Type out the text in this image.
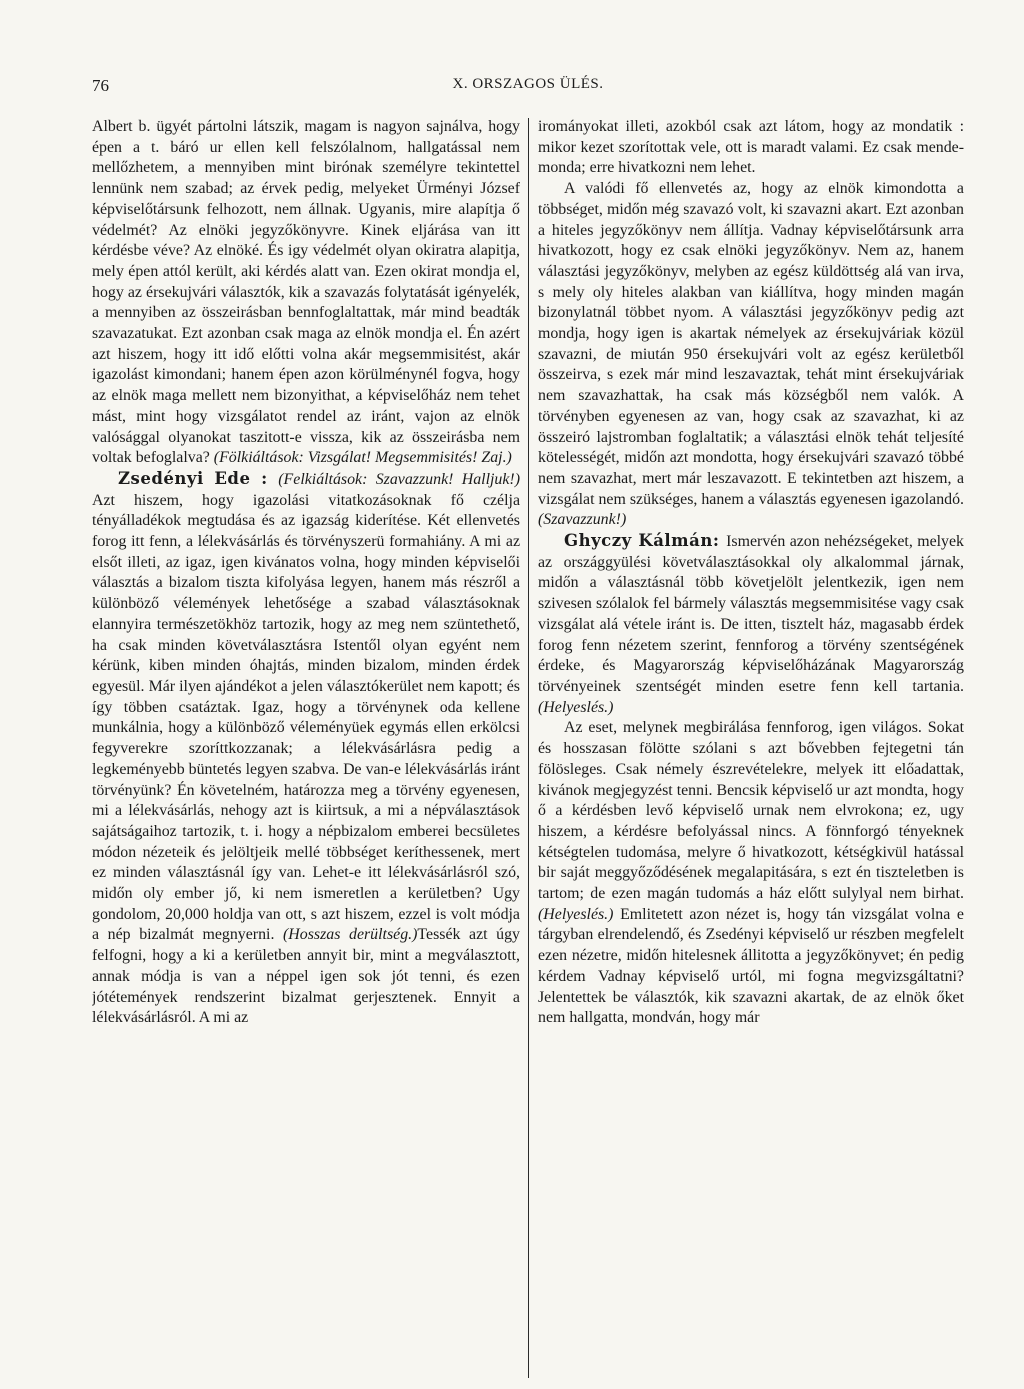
76	X. ORSZAGOS ÜLÉS.

Albert b. ügyét pártolni látszik, magam is nagyon sajnálva, hogy épen a t. báró ur ellen kell felszólalnom, hallgatással nem mellőzhetem, a mennyiben mint birónak személyre tekintettel lennünk nem szabad; az érvek pedig, melyeket Ürményi József képviselőtársunk felhozott, nem állnak. Ugyanis, mire alapítja ő védelmét? Az elnöki jegyzőkönyvre. Kinek eljárása van itt kérdésbe véve? Az elnöké. És igy védelmét olyan okiratra alapitja, mely épen attól került, aki kérdés alatt van. Ezen okirat mondja el, hogy az érsekujvári választók, kik a szavazás folytatását igényelék, a mennyiben az összeirásban bennfoglaltattak, már mind beadták szavazatukat. Ezt azonban csak maga az elnök mondja el. Én azért azt hiszem, hogy itt idő előtti volna akár megsemmisitést, akár igazolást kimondani; hanem épen azon körülménynél fogva, hogy az elnök maga mellett nem bizonyithat, a képviselőház nem tehet mást, mint hogy vizsgálatot rendel az iránt, vajon az elnök valósággal olyanokat taszitott-e vissza, kik az összeirásba nem voltak befoglalva? (Fölkiáltások: Vizsgálat! Megsemmisités! Zaj.)

Zsedényi Ede : (Felkiáltások: Szavazzunk! Halljuk!) Azt hiszem, hogy igazolási vitatkozásoknak fő czélja tényálladékok megtudása és az igazság kiderítése. Két ellenvetés forog itt fenn, a lélekvásárlás és törvényszerü formahiány. A mi az elsőt illeti, az igaz, igen kivánatos volna, hogy minden képviselői választás a bizalom tiszta kifolyása legyen, hanem más részről a különböző vélemények lehetősége a szabad választásoknak elannyira természetökhöz tartozik, hogy az meg nem szüntethető, ha csak minden követválasztásra Istentől olyan egyént nem kérünk, kiben minden óhajtás, minden bizalom, minden érdek egyesül. Már ilyen ajándékot a jelen választókerület nem kapott; és így többen csatáztak. Igaz, hogy a törvénynek oda kellene munkálnia, hogy a különböző véleményüek egymás ellen erkölcsi fegyverekre szoríttkozzanak; a lélekvásárlásra pedig a legkeményebb büntetés legyen szabva. De van-e lélekvásárlás iránt törvényünk? Én követelném, határozza meg a törvény egyenesen, mi a lélekvásárlás, nehogy azt is kiirtsuk, a mi a népválasztások sajátságaihoz tartozik, t. i. hogy a népbizalom emberei becsületes módon nézeteik és jelöltjeik mellé többséget keríthessenek, mert ez minden választásnál így van. Lehet-e itt lélekvásárlásról szó, midőn oly ember jő, ki nem ismeretlen a kerületben? Ugy gondolom, 20,000 holdja van ott, s azt hiszem, ezzel is volt módja a nép bizalmát megnyerni. (Hosszas derültség.)Tessék azt úgy felfogni, hogy a ki a kerületben annyit bir, mint a megválasztott, annak módja is van a néppel igen sok jót tenni, és ezen jótétemények rendszerint bizalmat gerjesztenek. Ennyit a lélekvásárlásról. A mi az

irományokat illeti, azokból csak azt látom, hogy az mondatik : mikor kezet szorítottak vele, ott is maradt valami. Ez csak mende-monda; erre hivatkozni nem lehet.

A valódi fő ellenvetés az, hogy az elnök kimondotta a többséget, midőn még szavazó volt, ki szavazni akart. Ezt azonban a hiteles jegyzőkönyv nem állítja. Vadnay képviselőtársunk arra hivatkozott, hogy ez csak elnöki jegyzőkönyv. Nem az, hanem választási jegyzőkönyv, melyben az egész küldöttség alá van irva, s mely oly hiteles alakban van kiállítva, hogy minden magán bizonylatnál többet nyom. A választási jegyzőkönyv pedig azt mondja, hogy igen is akartak némelyek az érsekujváriak közül szavazni, de miután 950 érsekujvári volt az egész kerületből összeirva, s ezek már mind leszavaztak, tehát mint érsekujváriak nem szavazhattak, ha csak más községből nem valók. A törvényben egyenesen az van, hogy csak az szavazhat, ki az összeiró lajstromban foglaltatik; a választási elnök tehát teljesíté kötelességét, midőn azt mondotta, hogy érsekujvári szavazó többé nem szavazhat, mert már leszavazott. E tekintetben azt hiszem, a vizsgálat nem szükséges, hanem a választás egyenesen igazolandó. (Szavazzunk!)

Ghyczy Kálmán: Ismervén azon nehézségeket, melyek az országgyülési követválasztásokkal oly alkalommal járnak, midőn a választásnál több követjelölt jelentkezik, igen nem szivesen szólalok fel bármely választás megsemmisitése vagy csak vizsgálat alá vétele iránt is. De itten, tisztelt ház, magasabb érdek forog fenn nézetem szerint, fennforog a törvény szentségének érdeke, és Magyarország képviselőházának Magyarország törvényeinek szentségét minden esetre fenn kell tartania. (Helyeslés.)

Az eset, melynek megbirálása fennforog, igen világos. Sokat és hosszasan fölötte szólani s azt bővebben fejtegetni tán fölösleges. Csak némely észrevételekre, melyek itt előadattak, kivánok megjegyzést tenni. Bencsik képviselő ur azt mondta, hogy ő a kérdésben levő képviselő urnak nem elvrokona; ez, ugy hiszem, a kérdésre befolyással nincs. A fönnforgó tényeknek kétségtelen tudomása, melyre ő hivatkozott, kétségkivül hatással bir saját meggyőződésének megalapitására, s ezt én tiszteletben is tartom; de ezen magán tudomás a ház előtt sulylyal nem birhat. (Helyeslés.) Emlitetett azon nézet is, hogy tán vizsgálat volna e tárgyban elrendelendő, és Zsedényi képviselő ur részben megfelelt ezen nézetre, midőn hitelesnek állitotta a jegyzőkönyvet; én pedig kérdem Vadnay képviselő urtól, mi fogna megvizsgáltatni? Jelentettek be választók, kik szavazni akartak, de az elnök őket nem hallgatta, mondván, hogy már
